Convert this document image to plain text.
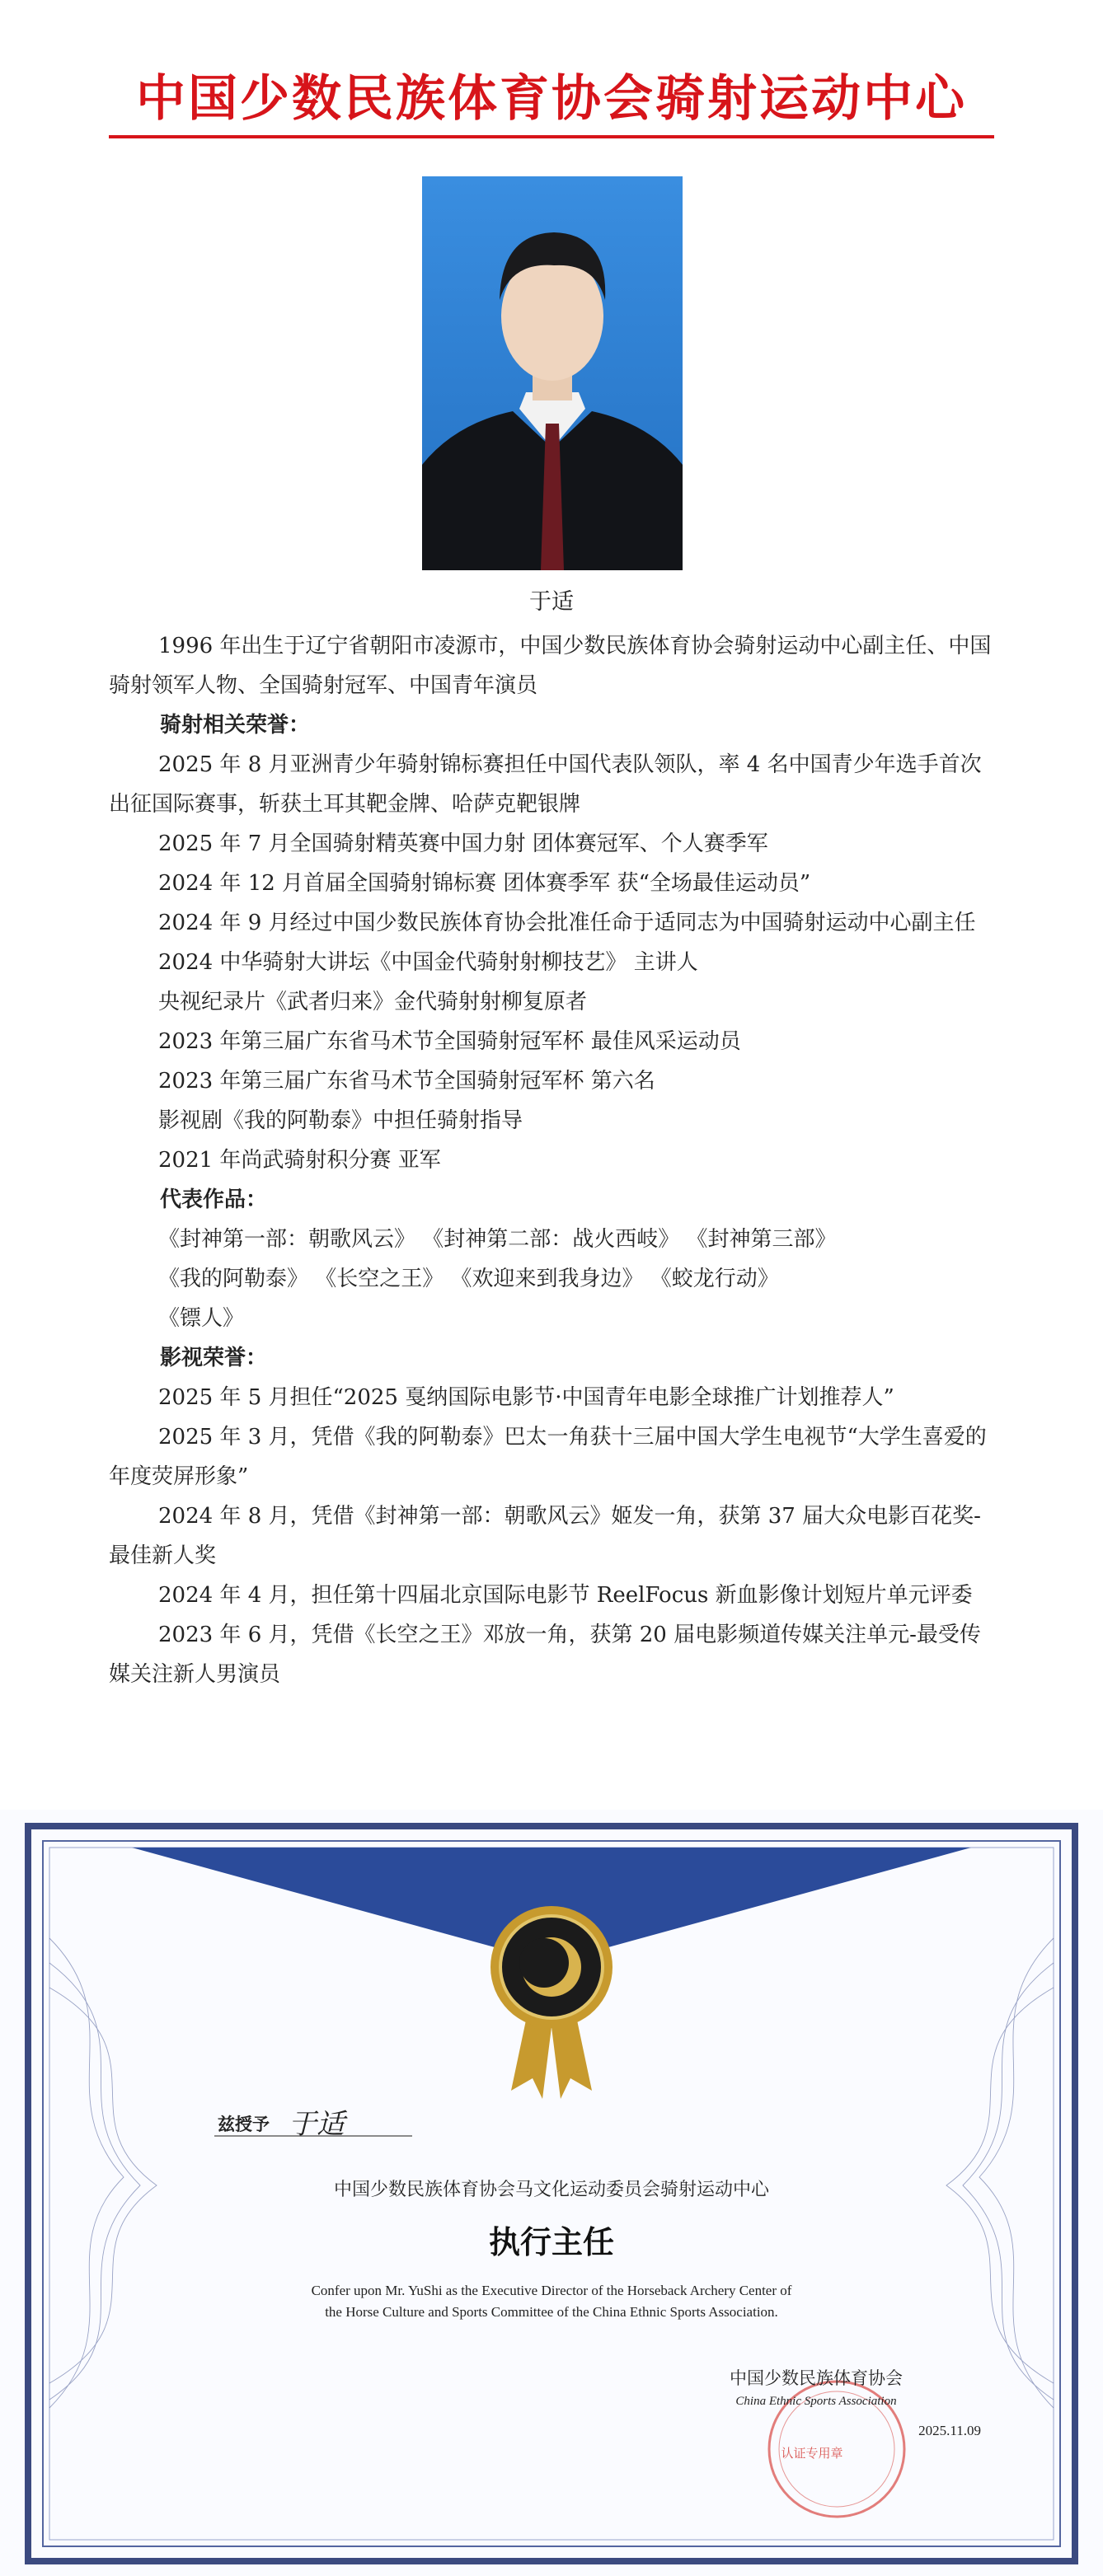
中国少数民族体育协会骑射运动中心
于适

1996 年出生于辽宁省朝阳市凌源市，中国少数民族体育协会骑射运动中心副主任、中国骑射领军人物、全国骑射冠军、中国青年演员

骑射相关荣誉：

2025 年 8 月亚洲青少年骑射锦标赛担任中国代表队领队，率 4 名中国青少年选手首次出征国际赛事，斩获土耳其靶金牌、哈萨克靶银牌

2025 年 7 月全国骑射精英赛中国力射 团体赛冠军、个人赛季军

2024 年 12 月首届全国骑射锦标赛 团体赛季军 获“全场最佳运动员”

2024 年 9 月经过中国少数民族体育协会批准任命于适同志为中国骑射运动中心副主任

2024 中华骑射大讲坛《中国金代骑射射柳技艺》 主讲人

央视纪录片《武者归来》金代骑射射柳复原者

2023 年第三届广东省马术节全国骑射冠军杯 最佳风采运动员

2023 年第三届广东省马术节全国骑射冠军杯 第六名

影视剧《我的阿勒泰》中担任骑射指导

2021 年尚武骑射积分赛 亚军

代表作品：

《封神第一部：朝歌风云》 《封神第二部：战火西岐》 《封神第三部》

《我的阿勒泰》 《长空之王》 《欢迎来到我身边》 《蛟龙行动》

《镖人》

影视荣誉：

2025 年 5 月担任“2025 戛纳国际电影节·中国青年电影全球推广计划推荐人”

2025 年 3 月，凭借《我的阿勒泰》巴太一角获十三届中国大学生电视节“大学生喜爱的年度荧屏形象”

2024 年 8 月，凭借《封神第一部：朝歌风云》姬发一角，获第 37 届大众电影百花奖-最佳新人奖

2024 年 4 月，担任第十四届北京国际电影节 ReelFocus 新血影像计划短片单元评委

2023 年 6 月，凭借《长空之王》邓放一角，获第 20 届电影频道传媒关注单元-最受传媒关注新人男演员

兹授予 于适
中国少数民族体育协会马文化运动委员会骑射运动中心
执行主任
Confer upon Mr. YuShi as the Executive Director of the Horseback Archery Center of
the Horse Culture and Sports Committee of the China Ethnic Sports Association.
中国少数民族体育协会
China Ethnic Sports Association
2025.11.09
认证专用章
